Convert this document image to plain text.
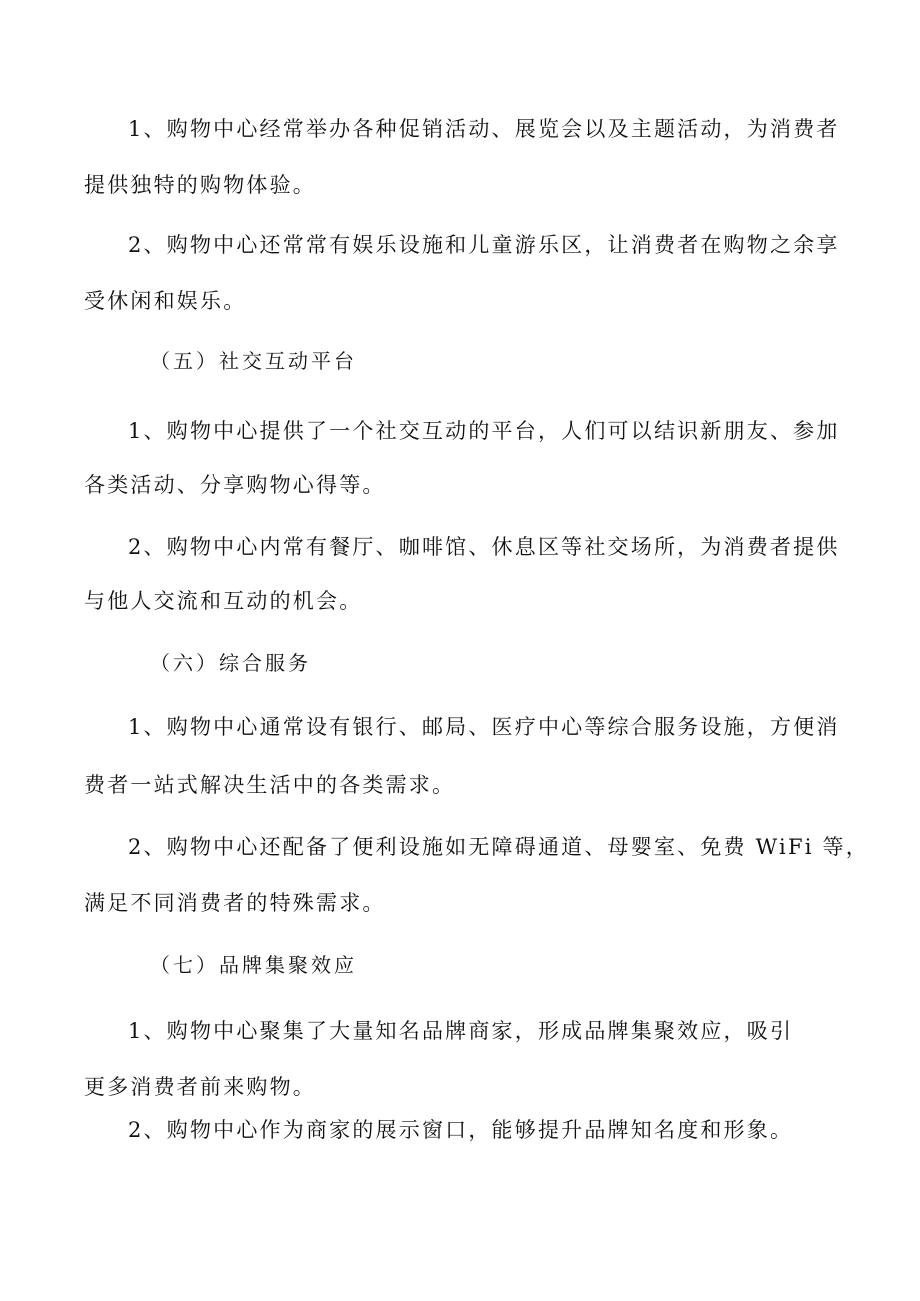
1、购物中心经常举办各种促销活动、展览会以及主题活动，为消费者

提供独特的购物体验。

2、购物中心还常常有娱乐设施和儿童游乐区，让消费者在购物之余享

受休闲和娱乐。

（五）社交互动平台

1、购物中心提供了一个社交互动的平台，人们可以结识新朋友、参加

各类活动、分享购物心得等。

2、购物中心内常有餐厅、咖啡馆、休息区等社交场所，为消费者提供

与他人交流和互动的机会。

（六）综合服务

1、购物中心通常设有银行、邮局、医疗中心等综合服务设施，方便消

费者一站式解决生活中的各类需求。

2、购物中心还配备了便利设施如无障碍通道、母婴室、免费 WiFi 等，

满足不同消费者的特殊需求。

（七）品牌集聚效应

1、购物中心聚集了大量知名品牌商家，形成品牌集聚效应，吸引

更多消费者前来购物。

2、购物中心作为商家的展示窗口，能够提升品牌知名度和形象。
